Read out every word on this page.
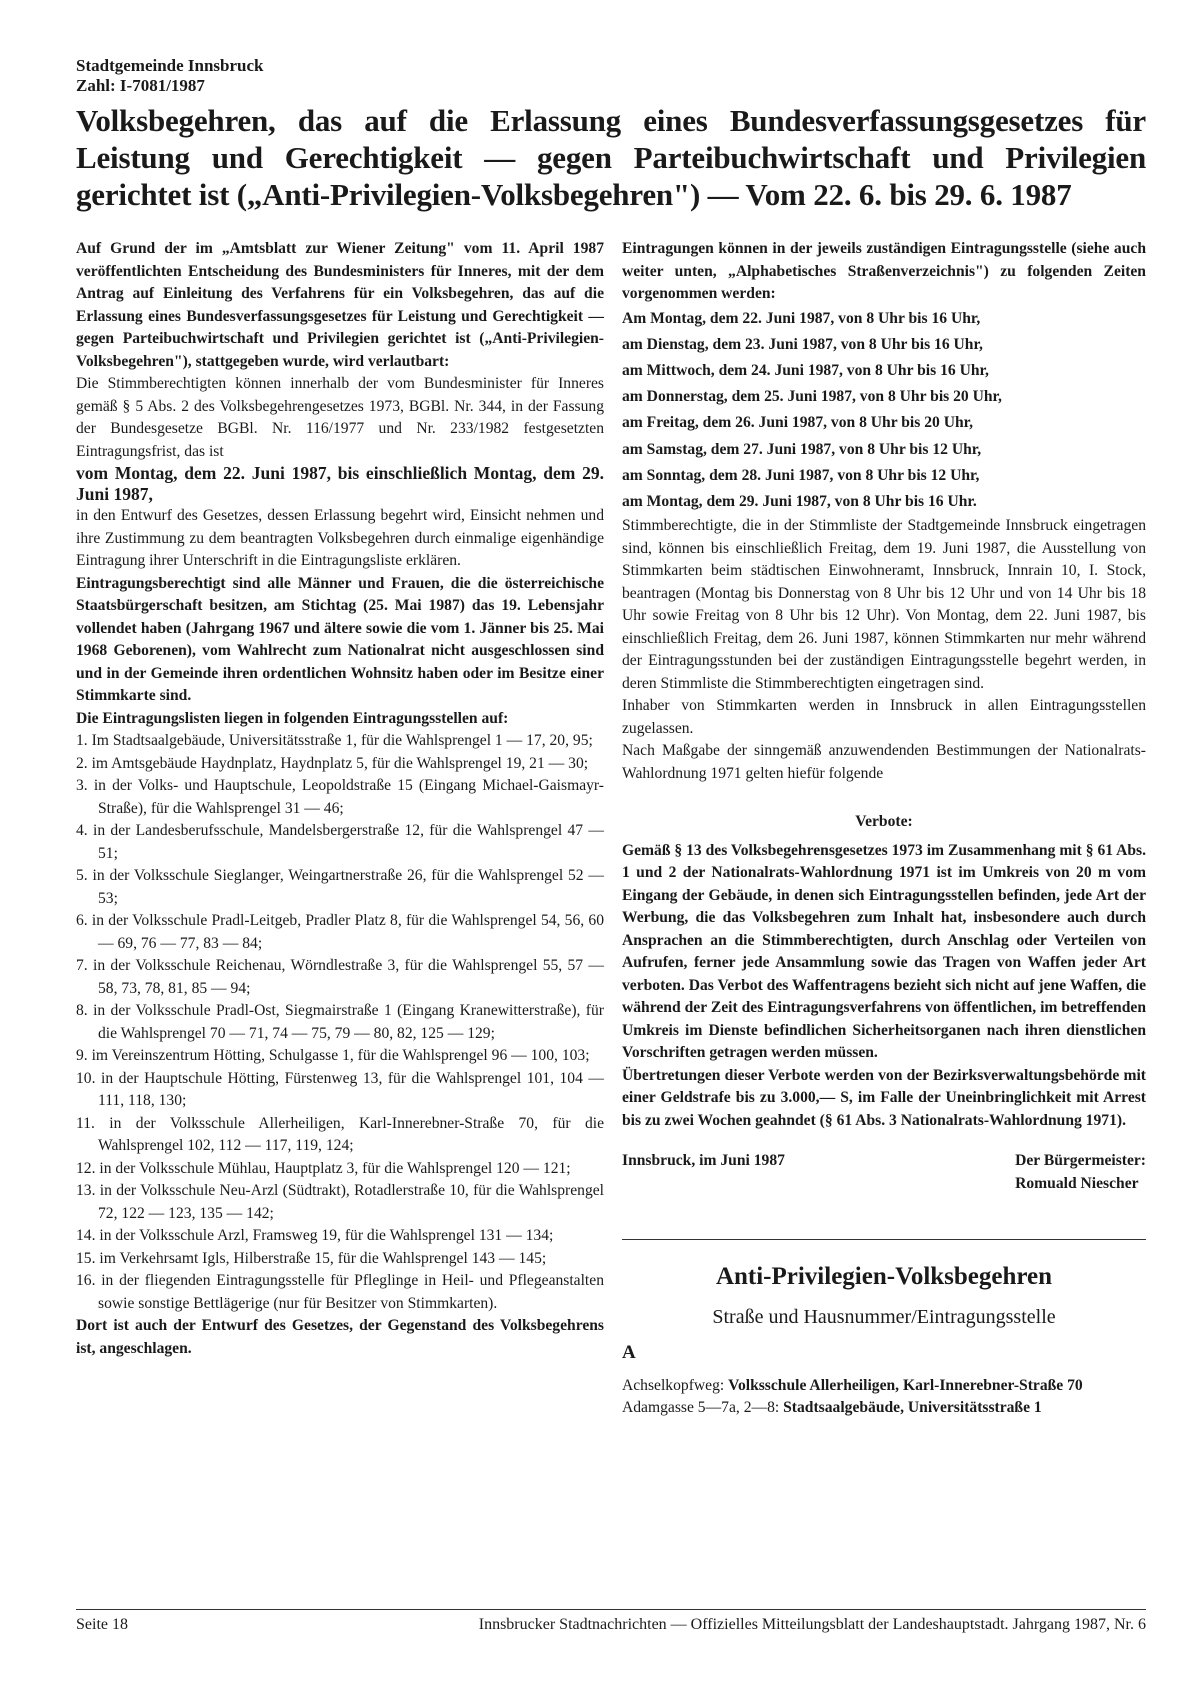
Stadtgemeinde Innsbruck
Zahl: I-7081/1987
Volksbegehren, das auf die Erlassung eines Bundesverfassungsgesetzes für Leistung und Gerechtigkeit — gegen Parteibuchwirtschaft und Privilegien gerichtet ist („Anti-Privilegien-Volksbegehren") — Vom 22. 6. bis 29. 6. 1987

Auf Grund der im „Amtsblatt zur Wiener Zeitung" vom 11. April 1987 veröffentlichten Entscheidung des Bundesministers für Inneres, mit der dem Antrag auf Einleitung des Verfahrens für ein Volksbegehren, das auf die Erlassung eines Bundesverfassungsgesetzes für Leistung und Gerechtigkeit — gegen Parteibuchwirtschaft und Privilegien gerichtet ist („Anti-Privilegien-Volksbegehren"), stattgegeben wurde, wird verlautbart:

Die Stimmberechtigten können innerhalb der vom Bundesminister für Inneres gemäß § 5 Abs. 2 des Volksbegehrengesetzes 1973, BGBl. Nr. 344, in der Fassung der Bundesgesetze BGBl. Nr. 116/1977 und Nr. 233/1982 festgesetzten Eintragungsfrist, das ist

vom Montag, dem 22. Juni 1987, bis einschließlich Montag, dem 29. Juni 1987,

in den Entwurf des Gesetzes, dessen Erlassung begehrt wird, Einsicht nehmen und ihre Zustimmung zu dem beantragten Volksbegehren durch einmalige eigenhändige Eintragung ihrer Unterschrift in die Eintragungsliste erklären.

Eintragungsberechtigt sind alle Männer und Frauen, die die österreichische Staatsbürgerschaft besitzen, am Stichtag (25. Mai 1987) das 19. Lebensjahr vollendet haben (Jahrgang 1967 und ältere sowie die vom 1. Jänner bis 25. Mai 1968 Geborenen), vom Wahlrecht zum Nationalrat nicht ausgeschlossen sind und in der Gemeinde ihren ordentlichen Wohnsitz haben oder im Besitze einer Stimmkarte sind.

Die Eintragungslisten liegen in folgenden Eintragungsstellen auf:

1. Im Stadtsaalgebäude, Universitätsstraße 1, für die Wahlsprengel 1 — 17, 20, 95;

2. im Amtsgebäude Haydnplatz, Haydnplatz 5, für die Wahlsprengel 19, 21 — 30;

3. in der Volks- und Hauptschule, Leopoldstraße 15 (Eingang Michael-Gaismayr-Straße), für die Wahlsprengel 31 — 46;

4. in der Landesberufsschule, Mandelsbergerstraße 12, für die Wahlsprengel 47 — 51;

5. in der Volksschule Sieglanger, Weingartnerstraße 26, für die Wahlsprengel 52 — 53;

6. in der Volksschule Pradl-Leitgeb, Pradler Platz 8, für die Wahlsprengel 54, 56, 60 — 69, 76 — 77, 83 — 84;

7. in der Volksschule Reichenau, Wörndlestraße 3, für die Wahlsprengel 55, 57 — 58, 73, 78, 81, 85 — 94;

8. in der Volksschule Pradl-Ost, Siegmairstraße 1 (Eingang Kranewitterstraße), für die Wahlsprengel 70 — 71, 74 — 75, 79 — 80, 82, 125 — 129;

9. im Vereinszentrum Hötting, Schulgasse 1, für die Wahlsprengel 96 — 100, 103;

10. in der Hauptschule Hötting, Fürstenweg 13, für die Wahlsprengel 101, 104 — 111, 118, 130;

11. in der Volksschule Allerheiligen, Karl-Innerebner-Straße 70, für die Wahlsprengel 102, 112 — 117, 119, 124;

12. in der Volksschule Mühlau, Hauptplatz 3, für die Wahlsprengel 120 — 121;

13. in der Volksschule Neu-Arzl (Südtrakt), Rotadlerstraße 10, für die Wahlsprengel 72, 122 — 123, 135 — 142;

14. in der Volksschule Arzl, Framsweg 19, für die Wahlsprengel 131 — 134;

15. im Verkehrsamt Igls, Hilberstraße 15, für die Wahlsprengel 143 — 145;

16. in der fliegenden Eintragungsstelle für Pfleglinge in Heil- und Pflegeanstalten sowie sonstige Bettlägerige (nur für Besitzer von Stimmkarten).

Dort ist auch der Entwurf des Gesetzes, der Gegenstand des Volksbegehrens ist, angeschlagen.

Eintragungen können in der jeweils zuständigen Eintragungsstelle (siehe auch weiter unten, „Alphabetisches Straßenverzeichnis") zu folgenden Zeiten vorgenommen werden:

Am Montag, dem 22. Juni 1987, von 8 Uhr bis 16 Uhr,

am Dienstag, dem 23. Juni 1987, von 8 Uhr bis 16 Uhr,

am Mittwoch, dem 24. Juni 1987, von 8 Uhr bis 16 Uhr,

am Donnerstag, dem 25. Juni 1987, von 8 Uhr bis 20 Uhr,

am Freitag, dem 26. Juni 1987, von 8 Uhr bis 20 Uhr,

am Samstag, dem 27. Juni 1987, von 8 Uhr bis 12 Uhr,

am Sonntag, dem 28. Juni 1987, von 8 Uhr bis 12 Uhr,

am Montag, dem 29. Juni 1987, von 8 Uhr bis 16 Uhr.

Stimmberechtigte, die in der Stimmliste der Stadtgemeinde Innsbruck eingetragen sind, können bis einschließlich Freitag, dem 19. Juni 1987, die Ausstellung von Stimmkarten beim städtischen Einwohneramt, Innsbruck, Innrain 10, I. Stock, beantragen (Montag bis Donnerstag von 8 Uhr bis 12 Uhr und von 14 Uhr bis 18 Uhr sowie Freitag von 8 Uhr bis 12 Uhr). Von Montag, dem 22. Juni 1987, bis einschließlich Freitag, dem 26. Juni 1987, können Stimmkarten nur mehr während der Eintragungsstunden bei der zuständigen Eintragungsstelle begehrt werden, in deren Stimmliste die Stimmberechtigten eingetragen sind.

Inhaber von Stimmkarten werden in Innsbruck in allen Eintragungsstellen zugelassen.

Nach Maßgabe der sinngemäß anzuwendenden Bestimmungen der Nationalrats-Wahlordnung 1971 gelten hiefür folgende

Verbote:

Gemäß § 13 des Volksbegehrensgesetzes 1973 im Zusammenhang mit § 61 Abs. 1 und 2 der Nationalrats-Wahlordnung 1971 ist im Umkreis von 20 m vom Eingang der Gebäude, in denen sich Eintragungsstellen befinden, jede Art der Werbung, die das Volksbegehren zum Inhalt hat, insbesondere auch durch Ansprachen an die Stimmberechtigten, durch Anschlag oder Verteilen von Aufrufen, ferner jede Ansammlung sowie das Tragen von Waffen jeder Art verboten. Das Verbot des Waffentragens bezieht sich nicht auf jene Waffen, die während der Zeit des Eintragungsverfahrens von öffentlichen, im betreffenden Umkreis im Dienste befindlichen Sicherheitsorganen nach ihren dienstlichen Vorschriften getragen werden müssen.

Übertretungen dieser Verbote werden von der Bezirksverwaltungsbehörde mit einer Geldstrafe bis zu 3.000,— S, im Falle der Uneinbringlichkeit mit Arrest bis zu zwei Wochen geahndet (§ 61 Abs. 3 Nationalrats-Wahlordnung 1971).

Innsbruck, im Juni 1987	Der Bürgermeister:
Romuald Niescher
Anti-Privilegien-Volksbegehren
Straße und Hausnummer/Eintragungsstelle
A

Achselkopfweg: Volksschule Allerheiligen, Karl-Innerebner-Straße 70

Adamgasse 5—7a, 2—8: Stadtsaalgebäude, Universitätsstraße 1

Seite 18	Innsbrucker Stadtnachrichten — Offizielles Mitteilungsblatt der Landeshauptstadt. Jahrgang 1987, Nr. 6
